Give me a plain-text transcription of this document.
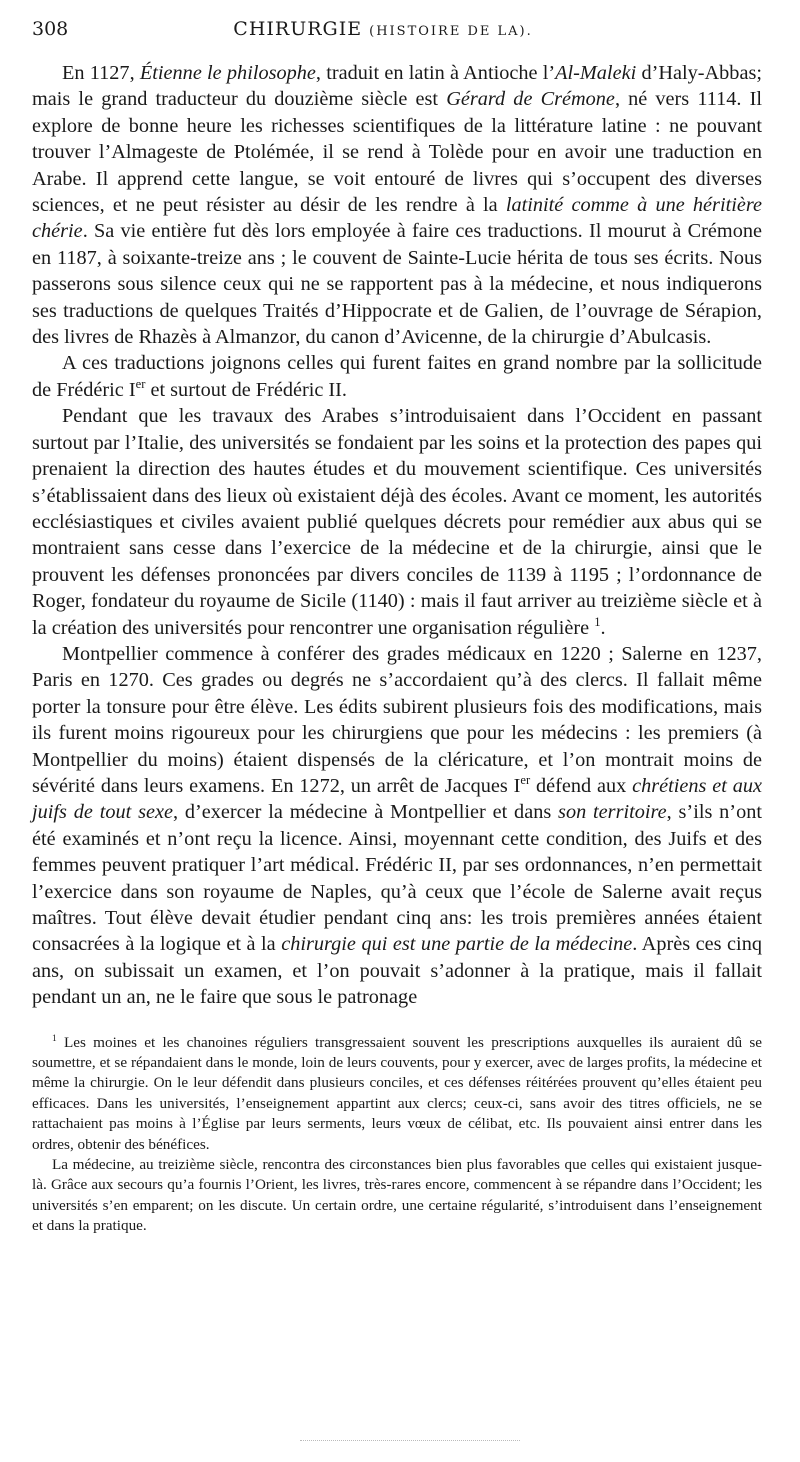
308	CHIRURGIE (HISTOIRE DE LA).

En 1127, Étienne le philosophe, traduit en latin à Antioche l’Al-Maleki d’Haly-Abbas; mais le grand traducteur du douzième siècle est Gérard de Crémone, né vers 1114. Il explore de bonne heure les richesses scientifiques de la littérature latine : ne pouvant trouver l’Almageste de Ptolémée, il se rend à Tolède pour en avoir une traduction en Arabe. Il apprend cette langue, se voit entouré de livres qui s’occupent des diverses sciences, et ne peut résister au désir de les rendre à la latinité comme à une héritière chérie. Sa vie entière fut dès lors employée à faire ces traductions. Il mourut à Crémone en 1187, à soixante-treize ans ; le couvent de Sainte-Lucie hérita de tous ses écrits. Nous passerons sous silence ceux qui ne se rapportent pas à la médecine, et nous indiquerons ses traductions de quelques Traités d’Hippocrate et de Galien, de l’ouvrage de Sérapion, des livres de Rhazès à Almanzor, du canon d’Avicenne, de la chirurgie d’Abulcasis.

A ces traductions joignons celles qui furent faites en grand nombre par la sollicitude de Frédéric Ier et surtout de Frédéric II.

Pendant que les travaux des Arabes s’introduisaient dans l’Occident en passant surtout par l’Italie, des universités se fondaient par les soins et la protection des papes qui prenaient la direction des hautes études et du mouvement scientifique. Ces universités s’établissaient dans des lieux où existaient déjà des écoles. Avant ce moment, les autorités ecclésiastiques et civiles avaient publié quelques décrets pour remédier aux abus qui se montraient sans cesse dans l’exercice de la médecine et de la chirurgie, ainsi que le prouvent les défenses prononcées par divers conciles de 1139 à 1195 ; l’ordonnance de Roger, fondateur du royaume de Sicile (1140) : mais il faut arriver au treizième siècle et à la création des universités pour rencontrer une organisation régulière $^1$.

Montpellier commence à conférer des grades médicaux en 1220 ; Salerne en 1237, Paris en 1270. Ces grades ou degrés ne s’accordaient qu’à des clercs. Il fallait même porter la tonsure pour être élève. Les édits subirent plusieurs fois des modifications, mais ils furent moins rigoureux pour les chirurgiens que pour les médecins : les premiers (à Montpellier du moins) étaient dispensés de la cléricature, et l’on montrait moins de sévérité dans leurs examens. En 1272, un arrêt de Jacques Ier défend aux chrétiens et aux juifs de tout sexe, d’exercer la médecine à Montpellier et dans son territoire, s’ils n’ont été examinés et n’ont reçu la licence. Ainsi, moyennant cette condition, des Juifs et des femmes peuvent pratiquer l’art médical. Frédéric II, par ses ordonnances, n’en permettait l’exercice dans son royaume de Naples, qu’à ceux que l’école de Salerne avait reçus maîtres. Tout élève devait étudier pendant cinq ans: les trois premières années étaient consacrées à la logique et à la chirurgie qui est une partie de la médecine. Après ces cinq ans, on subissait un examen, et l’on pouvait s’adonner à la pratique, mais il fallait pendant un an, ne le faire que sous le patronage

$^1$ Les moines et les chanoines réguliers transgressaient souvent les prescriptions auxquelles ils auraient dû se soumettre, et se répandaient dans le monde, loin de leurs couvents, pour y exercer, avec de larges profits, la médecine et même la chirurgie. On le leur défendit dans plusieurs conciles, et ces défenses réitérées prouvent qu’elles étaient peu efficaces. Dans les universités, l’enseignement appartint aux clercs; ceux-ci, sans avoir des titres officiels, ne se rattachaient pas moins à l’Église par leurs serments, leurs vœux de célibat, etc. Ils pouvaient ainsi entrer dans les ordres, obtenir des bénéfices.

La médecine, au treizième siècle, rencontra des circonstances bien plus favorables que celles qui existaient jusque-là. Grâce aux secours qu’a fournis l’Orient, les livres, très-rares encore, commencent à se répandre dans l’Occident; les universités s’en emparent; on les discute. Un certain ordre, une certaine régularité, s’introduisent dans l’enseignement et dans la pratique.
